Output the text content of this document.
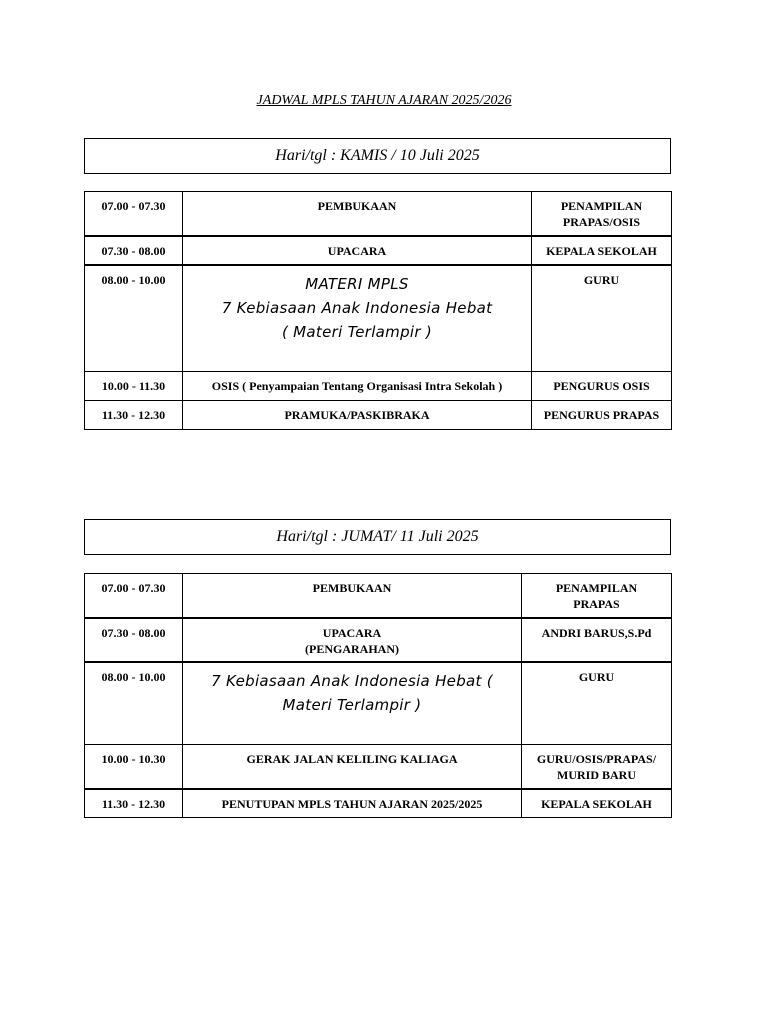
JADWAL MPLS TAHUN AJARAN 2025/2026
Hari/tgl : KAMIS / 10 Juli 2025
07.00 - 07.30	PEMBUKAAN	PENAMPILAN
PRAPAS/OSIS
07.30 - 08.00	UPACARA	KEPALA SEKOLAH
08.00 - 10.00	MATERI MPLS
7 Kebiasaan Anak Indonesia Hebat
( Materi Terlampir )	GURU
10.00 - 11.30	OSIS ( Penyampaian Tentang Organisasi Intra Sekolah )	PENGURUS OSIS
11.30 - 12.30	PRAMUKA/PASKIBRAKA	PENGURUS PRAPAS
Hari/tgl : JUMAT/ 11 Juli 2025
07.00 - 07.30	PEMBUKAAN	PENAMPILAN
PRAPAS
07.30 - 08.00	UPACARA
(PENGARAHAN)	ANDRI BARUS,S.Pd
08.00 - 10.00	7 Kebiasaan Anak Indonesia Hebat (
Materi Terlampir )	GURU
10.00 - 10.30	GERAK JALAN KELILING KALIAGA	GURU/OSIS/PRAPAS/
MURID BARU
11.30 - 12.30	PENUTUPAN MPLS TAHUN AJARAN 2025/2025	KEPALA SEKOLAH
